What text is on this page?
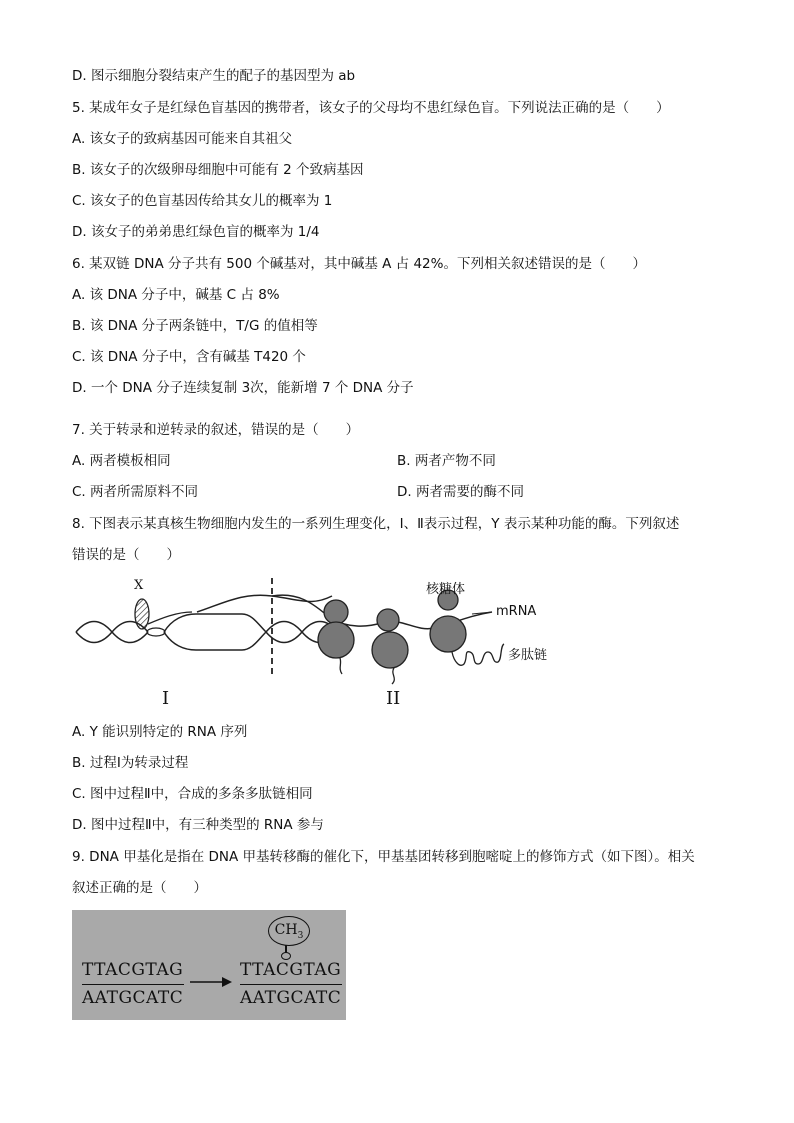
D. 图示细胞分裂结束产生的配子的基因型为 ab
5. 某成年女子是红绿色盲基因的携带者，该女子的父母均不患红绿色盲。下列说法正确的是（　　）
A. 该女子的致病基因可能来自其祖父
B. 该女子的次级卵母细胞中可能有 2 个致病基因
C. 该女子的色盲基因传给其女儿的概率为 1
D. 该女子的弟弟患红绿色盲的概率为 1/4
6. 某双链 DNA 分子共有 500 个碱基对，其中碱基 A 占 42%。下列相关叙述错误的是（　　）
A. 该 DNA 分子中，碱基 C 占 8%
B. 该 DNA 分子两条链中，T/G 的值相等
C. 该 DNA 分子中，含有碱基 T420 个
D. 一个 DNA 分子连续复制 3次，能新增 7 个 DNA 分子
7. 关于转录和逆转录的叙述，错误的是（　　）
A. 两者模板相同	B. 两者产物不同
C. 两者所需原料不同	D. 两者需要的酶不同
8. 下图表示某真核生物细胞内发生的一系列生理变化，Ⅰ、Ⅱ表示过程，Y 表示某种功能的酶。下列叙述
错误的是（　　）
X	核糖体
mRNA
多肽链
I	II
A. Y 能识别特定的 RNA 序列
B. 过程Ⅰ为转录过程
C. 图中过程Ⅱ中，合成的多条多肽链相同
D. 图中过程Ⅱ中，有三种类型的 RNA 参与
9. DNA 甲基化是指在 DNA 甲基转移酶的催化下，甲基基团转移到胞嘧啶上的修饰方式（如下图）。相关
叙述正确的是（　　）
TTACGTAG
AATGCATC
$CH_3$
TTACGTAG
AATGCATC
